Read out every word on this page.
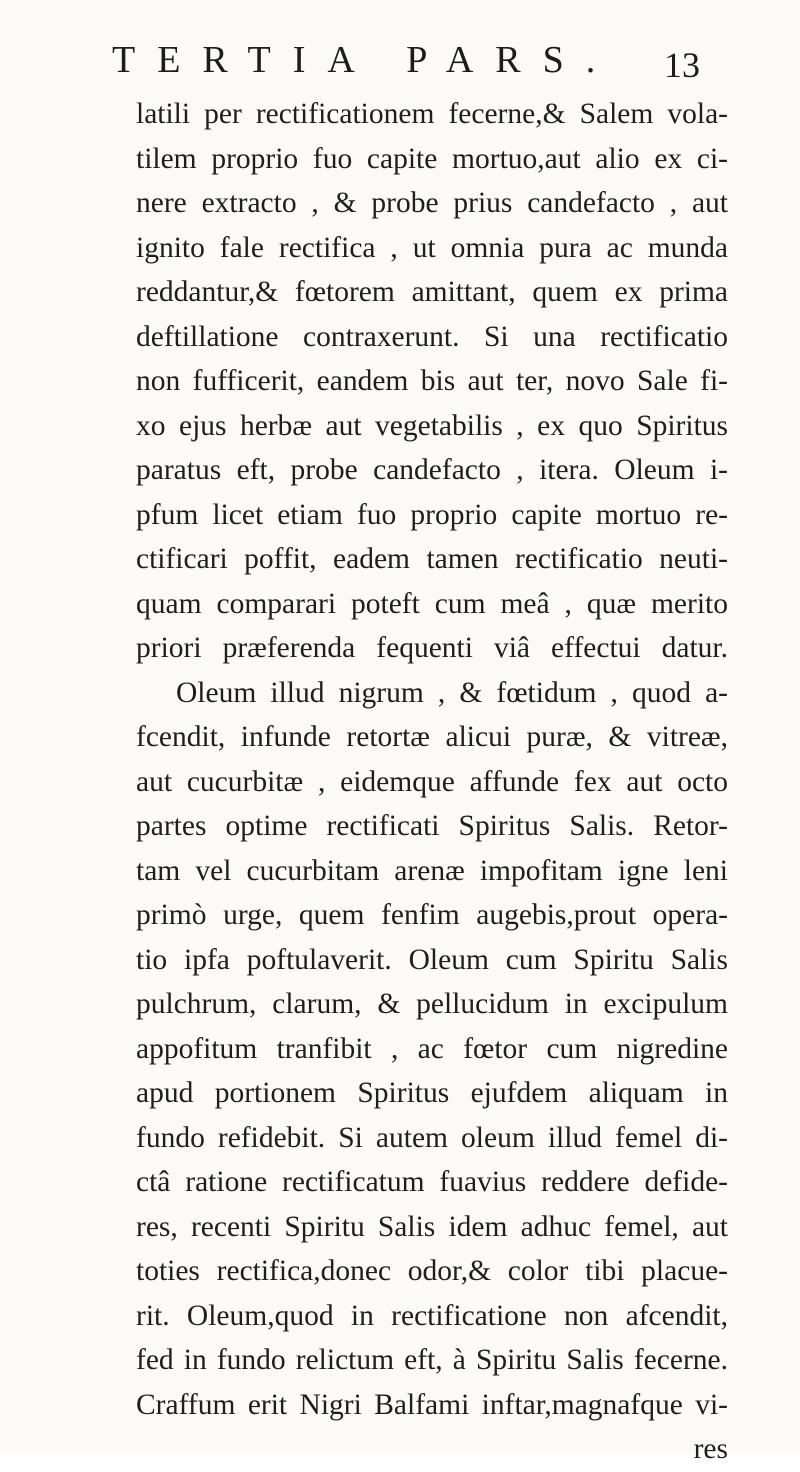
TERTIA PARS. 13
latili per rectificationem fecerne,& Salem vola-
tilem proprio fuo capite mortuo,aut alio ex ci-
nere extracto , & probe prius candefacto , aut
ignito fale rectifica , ut omnia pura ac munda
reddantur,& fœtorem amittant, quem ex prima
deftillatione contraxerunt. Si una rectificatio
non fufficerit, eandem bis aut ter, novo Sale fi-
xo ejus herbæ aut vegetabilis , ex quo Spiritus
paratus eft, probe candefacto , itera. Oleum i-
pfum licet etiam fuo proprio capite mortuo re-
ctificari poffit, eadem tamen rectificatio neuti-
quam comparari poteft cum meâ , quæ merito
priori præferenda fequenti viâ effectui datur.
Oleum illud nigrum , & fœtidum , quod a-
fcendit, infunde retortæ alicui puræ, & vitreæ,
aut cucurbitæ , eidemque affunde fex aut octo
partes optime rectificati Spiritus Salis. Retor-
tam vel cucurbitam arenæ impofitam igne leni
primò urge, quem fenfim augebis,prout opera-
tio ipfa poftulaverit. Oleum cum Spiritu Salis
pulchrum, clarum, & pellucidum in excipulum
appofitum tranfibit , ac fœtor cum nigredine
apud portionem Spiritus ejufdem aliquam in
fundo refidebit. Si autem oleum illud femel di-
ctâ ratione rectificatum fuavius reddere defide-
res, recenti Spiritu Salis idem adhuc femel, aut
toties rectifica,donec odor,& color tibi placue-
rit. Oleum,quod in rectificatione non afcendit,
fed in fundo relictum eft, à Spiritu Salis fecerne.
Craffum erit Nigri Balfami inftar,magnafque vi-
res
